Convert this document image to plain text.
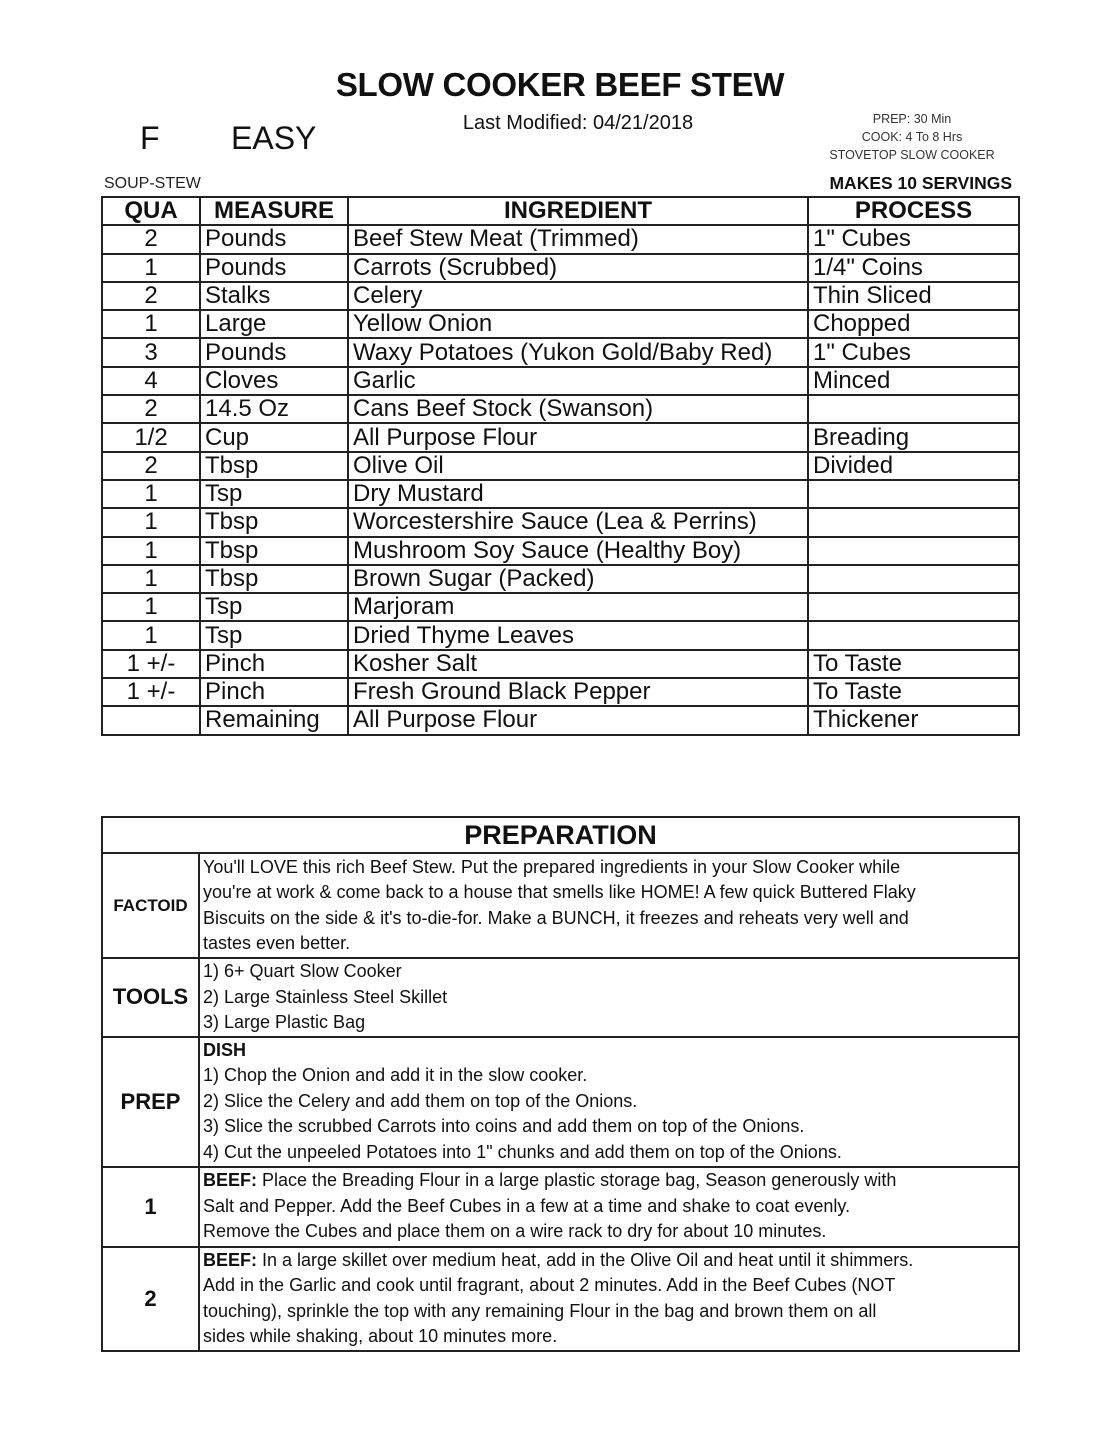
SLOW COOKER BEEF STEW
Last Modified: 04/21/2018
F EASY
PREP: 30 Min
COOK: 4 To 8 Hrs
STOVETOP SLOW COOKER
SOUP-STEW	MAKES 10 SERVINGS
QUA	MEASURE	INGREDIENT	PROCESS
2	Pounds	Beef Stew Meat (Trimmed)	1" Cubes
1	Pounds	Carrots (Scrubbed)	1/4" Coins
2	Stalks	Celery	Thin Sliced
1	Large	Yellow Onion	Chopped
3	Pounds	Waxy Potatoes (Yukon Gold/Baby Red)	1" Cubes
4	Cloves	Garlic	Minced
2	14.5 Oz	Cans Beef Stock (Swanson)	
1/2	Cup	All Purpose Flour	Breading
2	Tbsp	Olive Oil	Divided
1	Tsp	Dry Mustard	
1	Tbsp	Worcestershire Sauce (Lea & Perrins)	
1	Tbsp	Mushroom Soy Sauce (Healthy Boy)	
1	Tbsp	Brown Sugar (Packed)	
1	Tsp	Marjoram	
1	Tsp	Dried Thyme Leaves	
1 +/-	Pinch	Kosher Salt	To Taste
1 +/-	Pinch	Fresh Ground Black Pepper	To Taste
	Remaining	All Purpose Flour	Thickener
PREPARATION	
FACTOID	You'll LOVE this rich Beef Stew. Put the prepared ingredients in your Slow Cooker while
you're at work & come back to a house that smells like HOME! A few quick Buttered Flaky
Biscuits on the side & it's to-die-for. Make a BUNCH, it freezes and reheats very well and
tastes even better.

TOOLS	1) 6+ Quart Slow Cooker
2) Large Stainless Steel Skillet
3) Large Plastic Bag

PREP	DISH
1) Chop the Onion and add it in the slow cooker.
2) Slice the Celery and add them on top of the Onions.
3) Slice the scrubbed Carrots into coins and add them on top of the Onions.
4) Cut the unpeeled Potatoes into 1" chunks and add them on top of the Onions.

1	BEEF: Place the Breading Flour in a large plastic storage bag, Season generously with
Salt and Pepper. Add the Beef Cubes in a few at a time and shake to coat evenly.
Remove the Cubes and place them on a wire rack to dry for about 10 minutes.

2	BEEF: In a large skillet over medium heat, add in the Olive Oil and heat until it shimmers.
Add in the Garlic and cook until fragrant, about 2 minutes. Add in the Beef Cubes (NOT
touching), sprinkle the top with any remaining Flour in the bag and brown them on all
sides while shaking, about 10 minutes more.
